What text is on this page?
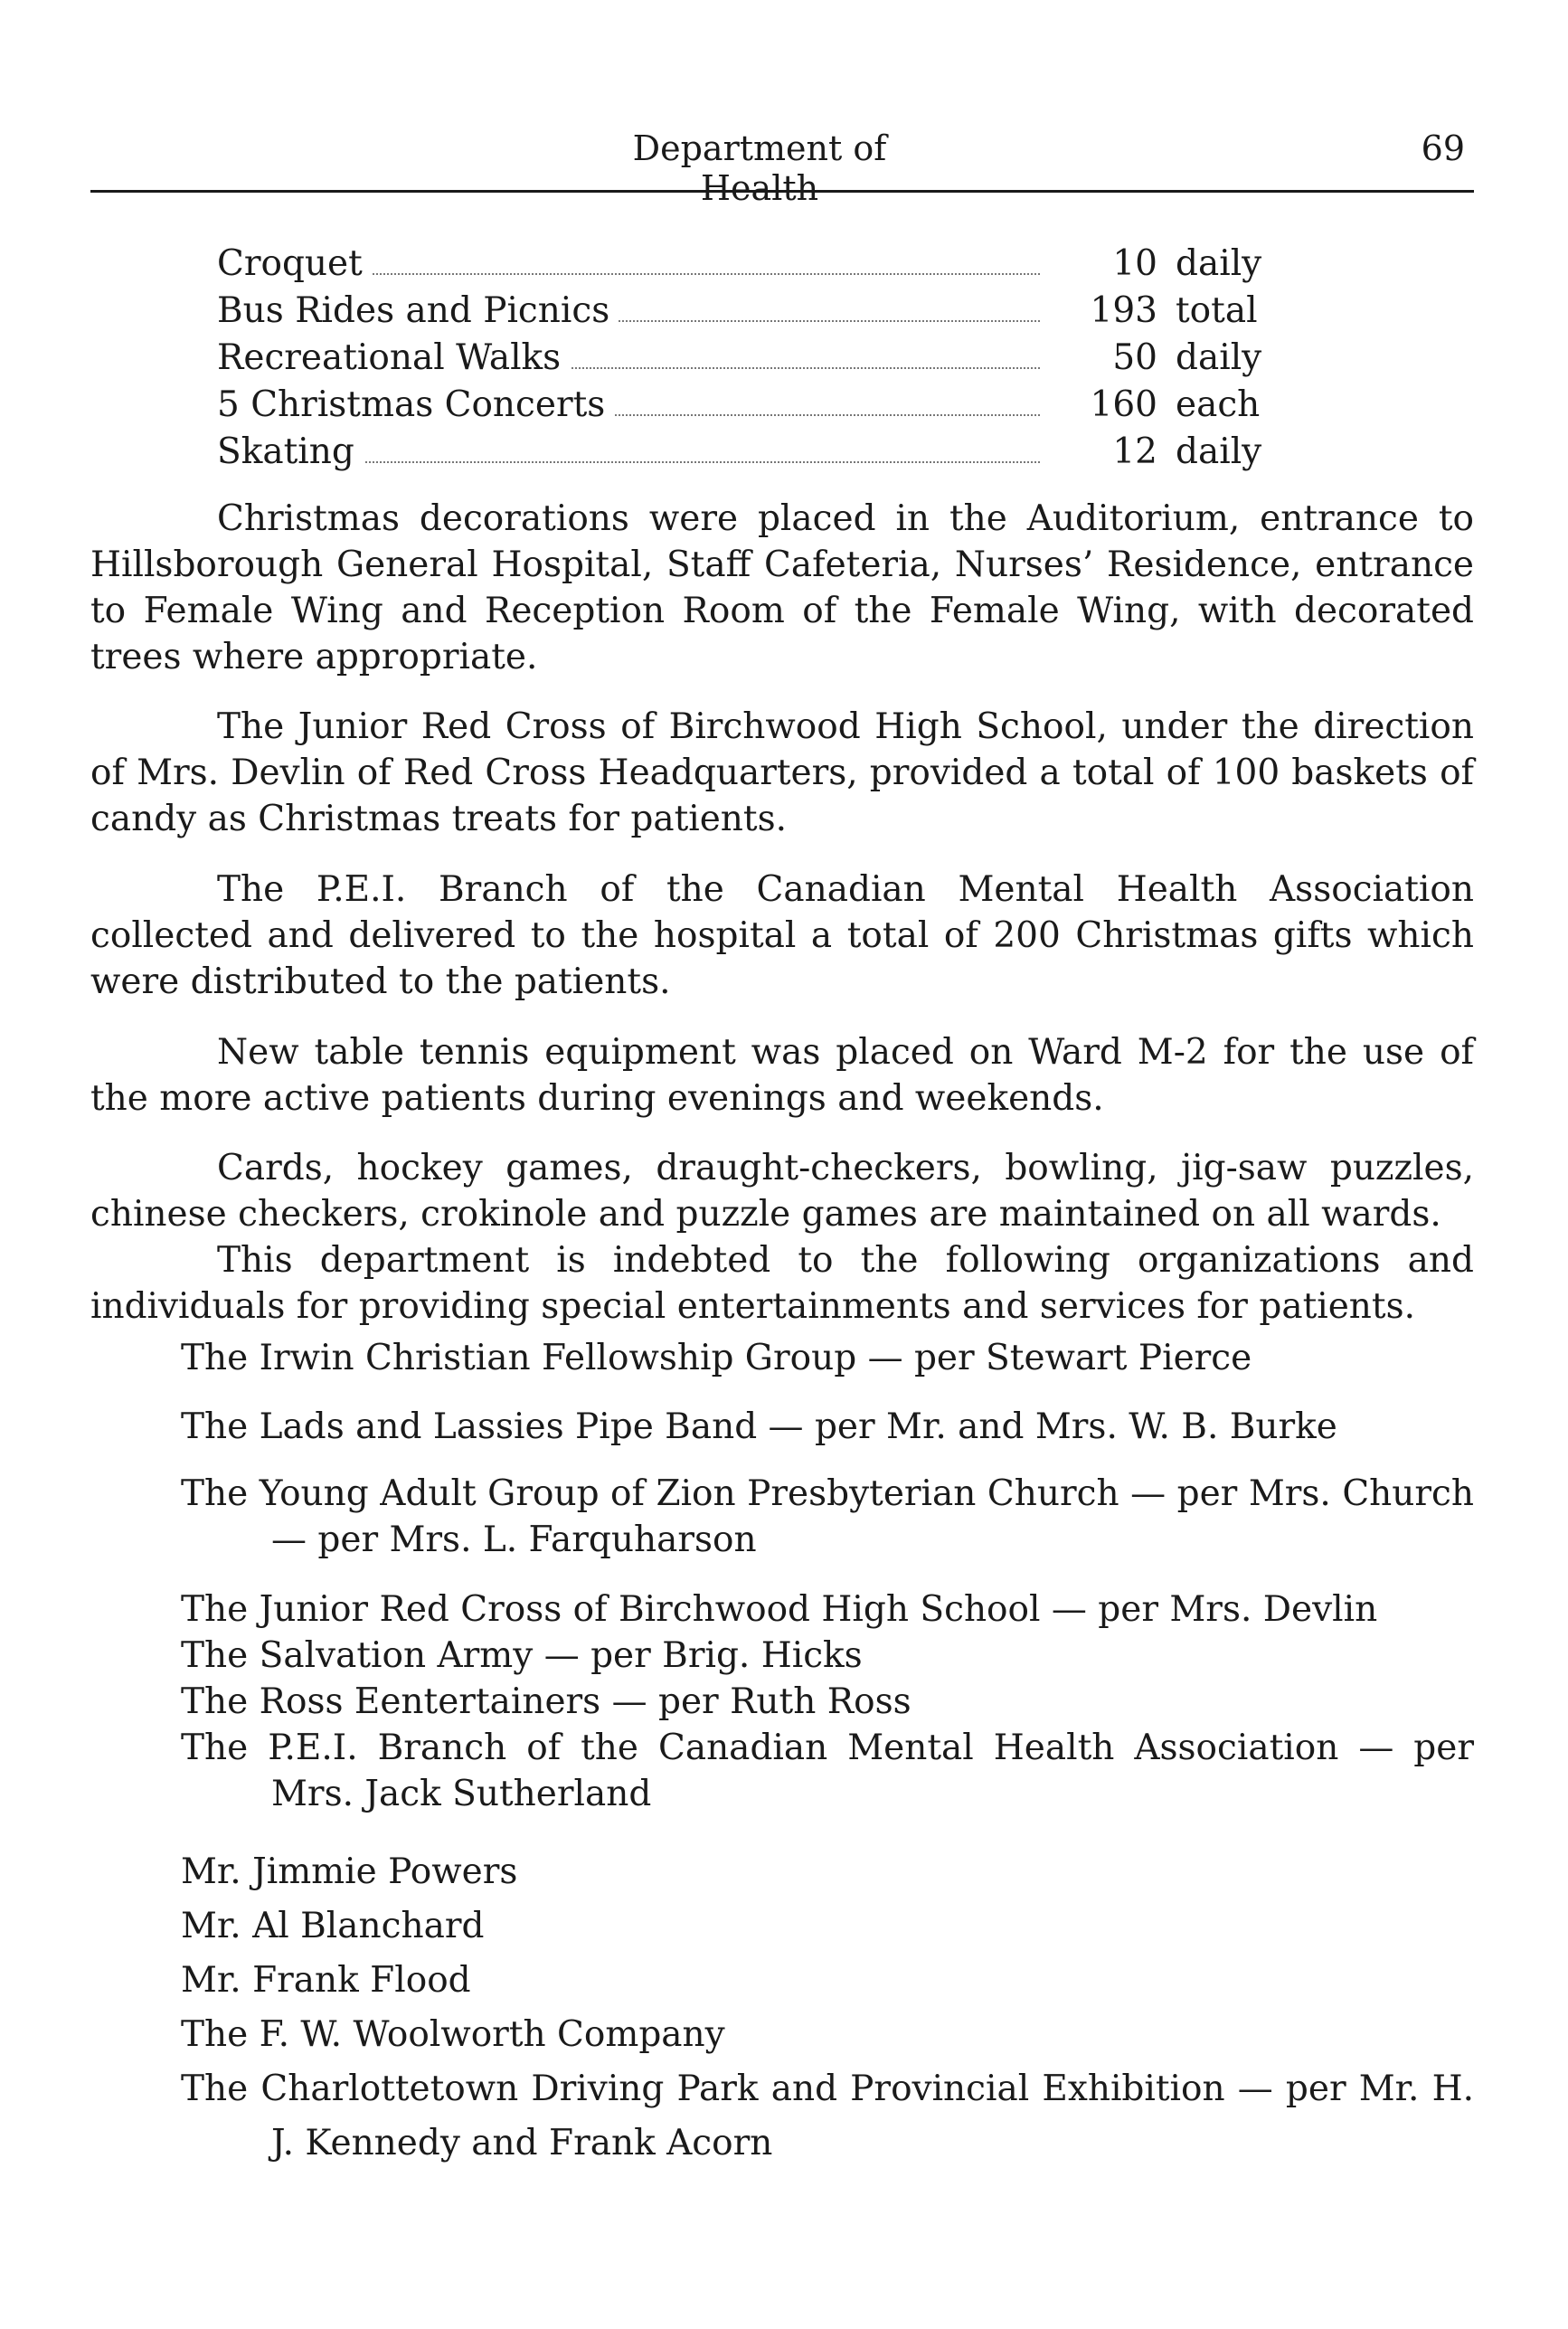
Department of Health
69
Croquet	10 daily
Bus Rides and Picnics	193 total
Recreational Walks	50 daily
5 Christmas Concerts	160 each
Skating	12 daily

Christmas decorations were placed in the Auditorium, entrance to Hillsborough General Hospital, Staff Cafeteria, Nurses’ Residence, entrance to Female Wing and Reception Room of the Female Wing, with decorated trees where appropriate.

The Junior Red Cross of Birchwood High School, under the direction of Mrs. Devlin of Red Cross Headquarters, provided a total of 100 baskets of candy as Christmas treats for patients.

The P.E.I. Branch of the Canadian Mental Health Association collected and delivered to the hospital a total of 200 Christmas gifts which were distributed to the patients.

New table tennis equipment was placed on Ward M-2 for the use of the more active patients during evenings and weekends.

Cards, hockey games, draught-checkers, bowling, jig-saw puzzles, chinese checkers, crokinole and puzzle games are maintained on all wards.

This department is indebted to the following organizations and individuals for providing special entertainments and services for patients.

The Irwin Christian Fellowship Group — per Stewart Pierce

The Lads and Lassies Pipe Band — per Mr. and Mrs. W. B. Burke

The Young Adult Group of Zion Presbyterian Church — per Mrs. Church — per Mrs. L. Farquharson

The Junior Red Cross of Birchwood High School — per Mrs. Devlin

The Salvation Army — per Brig. Hicks

The Ross Eentertainers — per Ruth Ross

The P.E.I. Branch of the Canadian Mental Health Association — per Mrs. Jack Sutherland

Mr. Jimmie Powers

Mr. Al Blanchard

Mr. Frank Flood

The F. W. Woolworth Company

The Charlottetown Driving Park and Provincial Exhibition — per Mr. H. J. Kennedy and Frank Acorn
